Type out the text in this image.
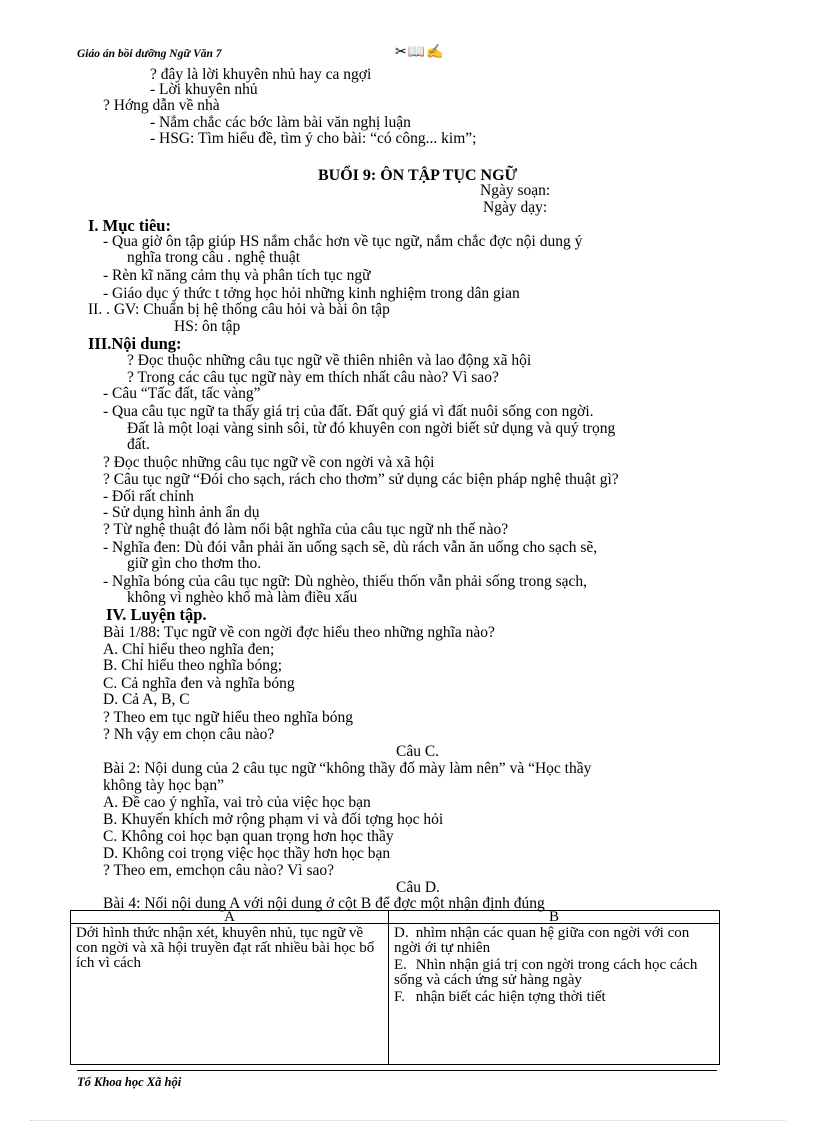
Giáo án bồi dưỡng Ngữ Văn 7	✂📖✍
? đây là lời khuyên nhủ hay ca ngợi
- Lời khuyên nhủ
? Hớng dẫn về nhà
- Nắm chắc các bớc làm bài văn nghị luận
- HSG: Tìm hiểu đề, tìm ý cho bài: “có công... kim”;
BUỔI 9: ÔN TẬP TỤC NGỮ
Ngày soạn:
Ngày dạy:
I. Mục tiêu:
- Qua giờ ôn tập giúp HS nắm chắc hơn về tục ngữ, nắm chắc đợc nội dung ý
nghĩa trong câu . nghệ thuật
- Rèn kĩ năng cảm thụ và phân tích tục ngữ
- Giáo dục ý thức t tởng học hỏi những kinh nghiệm trong dân gian
II. . GV: Chuẩn bị hệ thống câu hỏi và bài ôn tập
HS: ôn tập
III.Nội dung:
? Đọc thuộc những câu tục ngữ về thiên nhiên và lao động xã hội
? Trong các câu tục ngữ này em thích nhất câu nào? Vì sao?
- Câu “Tấc đất, tấc vàng”
- Qua câu tục ngữ ta thấy giá trị của đất. Đất quý giá vì đất nuôi sống con ngời.
Đất là một loại vàng sinh sôi, từ đó khuyên con ngời biết sử dụng và quý trọng
đất.
? Đọc thuộc những câu tục ngữ về con ngời và xã hội
? Câu tục ngữ “Đói cho sạch, rách cho thơm” sử dụng các biện pháp nghệ thuật gì?
- Đối rất chỉnh
- Sử dụng hình ảnh ẩn dụ
? Từ nghệ thuật đó làm nổi bật nghĩa của câu tục ngữ nh thế nào?
- Nghĩa đen: Dù đói vẫn phải ăn uống sạch sẽ, dù rách vẫn ăn uống cho sạch sẽ,
giữ gìn cho thơm tho.
- Nghĩa bóng của câu tục ngữ: Dù nghèo, thiếu thốn vẫn phải sống trong sạch,
không vì nghèo khổ mà làm điều xấu
IV. Luyện tập.
Bài 1/88: Tục ngữ về con ngời đợc hiểu theo những nghĩa nào?
A. Chỉ hiểu theo nghĩa đen;
B. Chỉ hiểu theo nghĩa bóng;
C. Cả nghĩa đen và nghĩa bóng
D. Cả A, B, C
? Theo em tục ngữ hiểu theo nghĩa bóng
? Nh vậy em chọn câu nào?
Câu C.
Bài 2: Nội dung của 2 câu tục ngữ “không thầy đố mày làm nên” và “Học thầy
không tày học bạn”
A. Đề cao ý nghĩa, vai trò của việc học bạn
B. Khuyến khích mở rộng phạm vi và đối tợng học hỏi
C. Không coi học bạn quan trọng hơn học thầy
D. Không coi trọng việc học thầy hơn học bạn
? Theo em, emchọn câu nào? Vì sao?
Câu D.
Bài 4: Nối nội dung A với nội dung ở cột B để đợc một nhận định đúng
A	B
Dới hình thức nhận xét, khuyên nhủ, tục ngữ về con ngời và xã hội truyền đạt rất nhiều bài học bổ ích vì cách	D. nhìm nhận các quan hệ giữa con ngời với con ngời ới tự nhiên
E. Nhìn nhận giá trị con ngời trong cách học cách sống và cách ứng sử hàng ngày
F. nhận biết các hiện tợng thời tiết
Tổ Khoa học Xã hội
